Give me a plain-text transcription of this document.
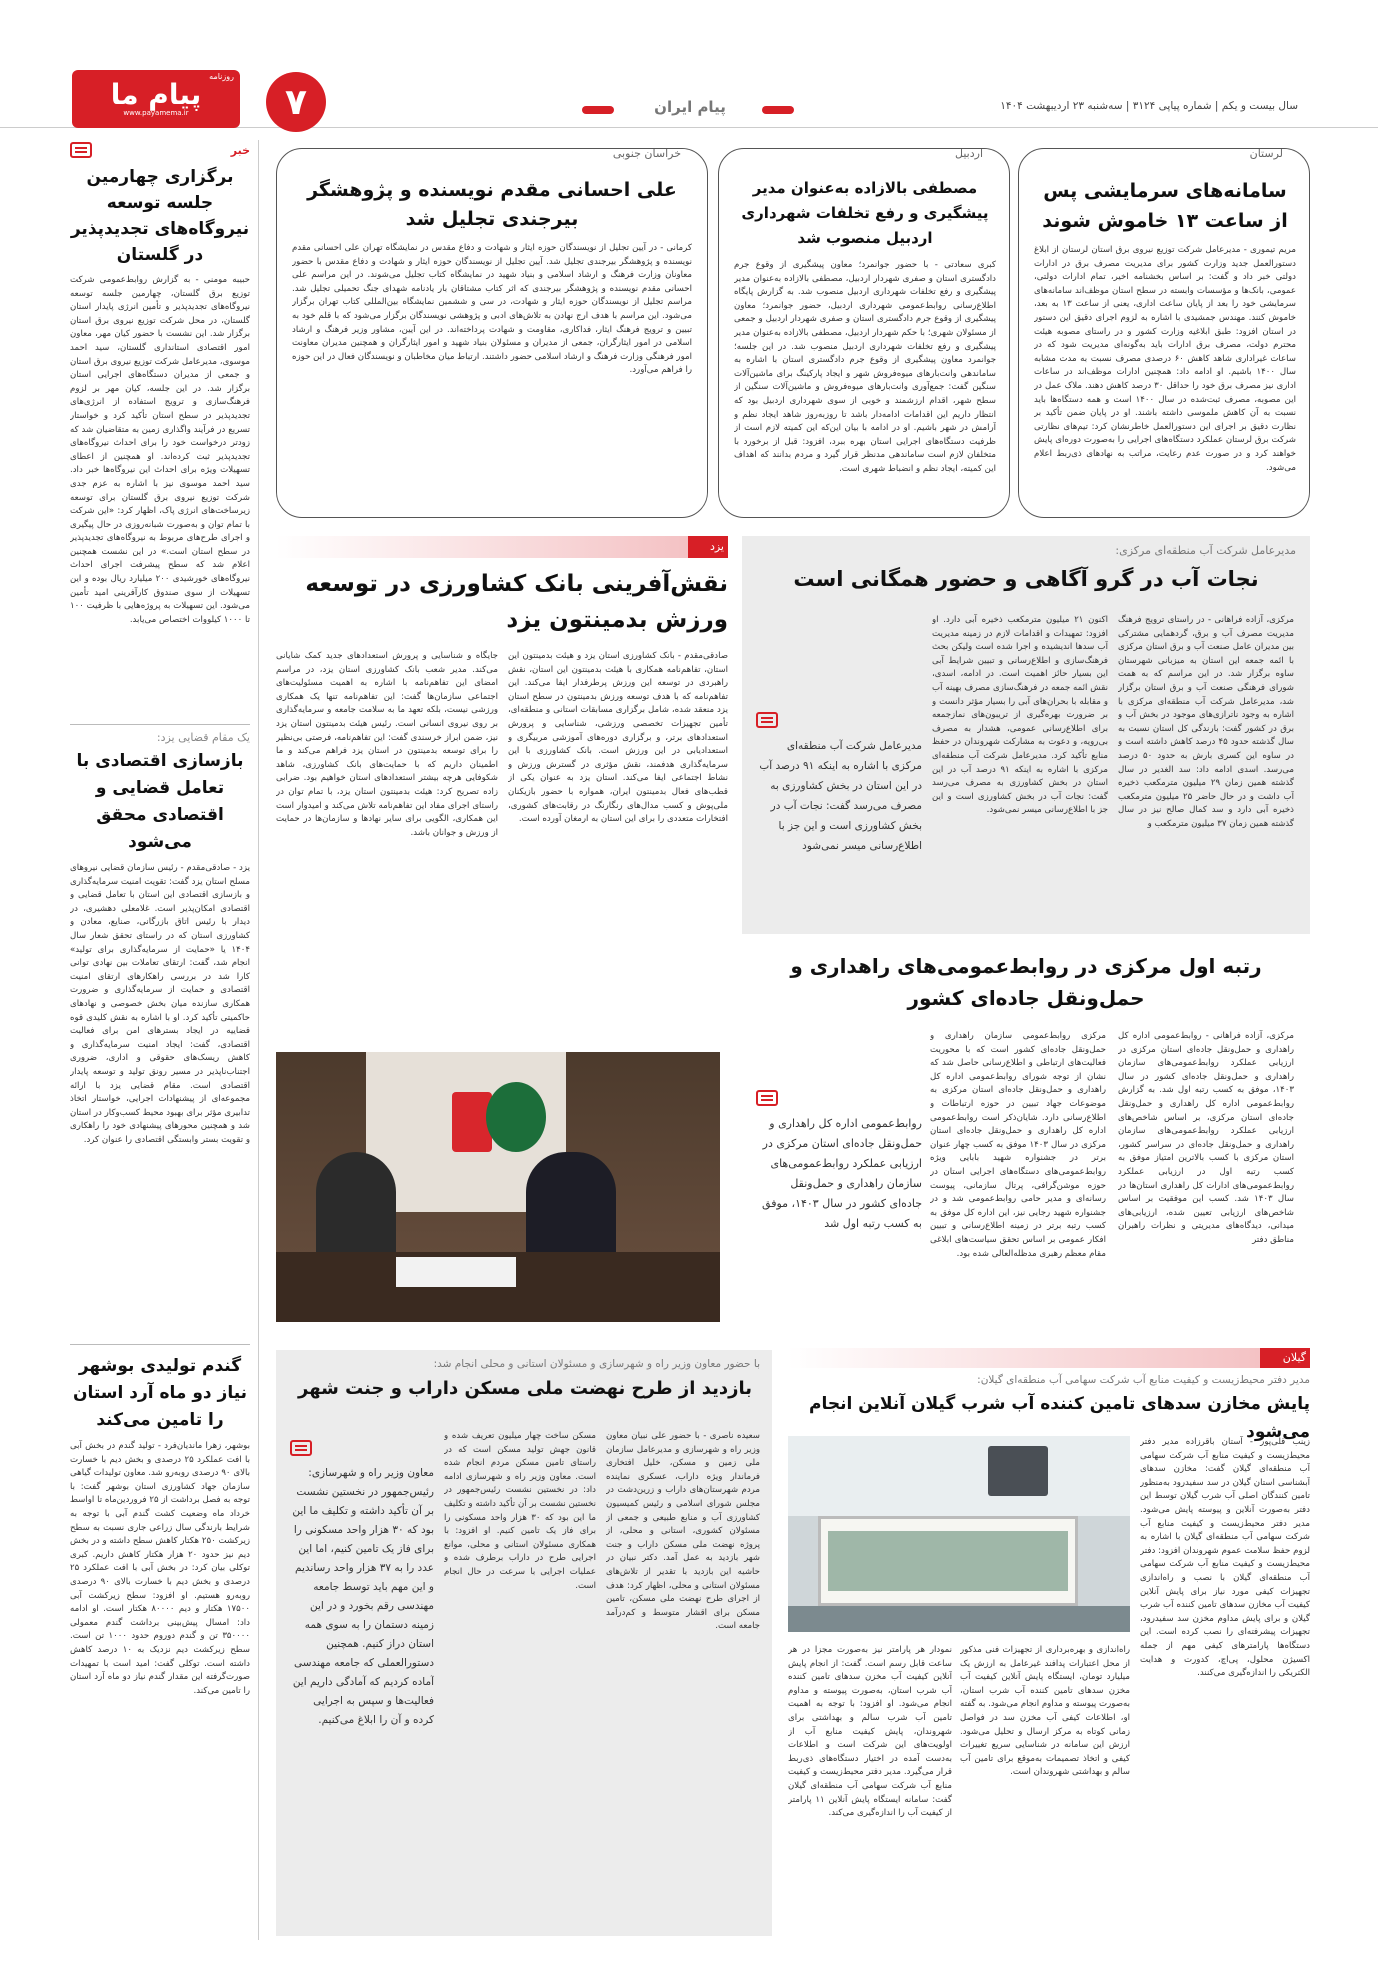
سال بیست و یکم | شماره پیاپی ۳۱۲۴ | سه‌شنبه ۲۳ اردیبهشت ۱۴۰۴
پیام ایران
۷
روزنامه
پیام ما
www.payamema.ir
خبر
برگزاری چهارمین جلسه توسعه نیروگاه‌های تجدیدپذیر در گلستان
حبیبه مومنی - به گزارش روابط‌عمومی شرکت توزیع برق گلستان، چهارمین جلسه توسعه نیروگاه‌های تجدیدپذیر و تأمین انرژی پایدار استان گلستان، در محل شرکت توزیع نیروی برق استان برگزار شد. این نشست با حضور کیان مهر، معاون امور اقتصادی استانداری گلستان، سید احمد موسوی، مدیرعامل شرکت توزیع نیروی برق استان و جمعی از مدیران دستگاه‌های اجرایی استان برگزار شد. در این جلسه، کیان مهر بر لزوم فرهنگ‌سازی و ترویج استفاده از انرژی‌های تجدیدپذیر در سطح استان تأکید کرد و خواستار تسریع در فرآیند واگذاری زمین به متقاضیان شد که زودتر درخواست خود را برای احداث نیروگاه‌های تجدیدپذیر ثبت کرده‌اند. او همچنین از اعطای تسهیلات ویژه برای احداث این نیروگاه‌ها خبر داد. سید احمد موسوی نیز با اشاره به عزم جدی شرکت توزیع نیروی برق گلستان برای توسعه زیرساخت‌های انرژی پاک، اظهار کرد: «این شرکت با تمام توان و به‌صورت شبانه‌روزی در حال پیگیری و اجرای طرح‌های مربوط به نیروگاه‌های تجدیدپذیر در سطح استان است.» در این نشست همچنین اعلام شد که سطح پیشرفت اجرای احداث نیروگاه‌های خورشیدی ۲۰۰ میلیارد ریال بوده و این تسهیلات از سوی صندوق کارآفرینی امید تأمین می‌شود. این تسهیلات به پروژه‌هایی با ظرفیت ۱۰۰ تا ۱۰۰۰ کیلووات اختصاص می‌یابد.
یک مقام قضایی یزد:
بازسازی اقتصادی با تعامل قضایی و اقتصادی محقق می‌شود
یزد - صادقی‌مقدم - رئیس سازمان قضایی نیروهای مسلح استان یزد گفت: تقویت امنیت سرمایه‌گذاری و بازسازی اقتصادی این استان با تعامل قضایی و اقتصادی امکان‌پذیر است. غلامعلی دهشیری، در دیدار با رئیس اتاق بازرگانی، صنایع، معادن و کشاورزی استان که در راستای تحقق شعار سال ۱۴۰۴ یا «حمایت از سرمایه‌گذاری برای تولید» انجام شد، گفت: ارتقای تعاملات بین نهادی توانی کارا شد در بررسی راهکارهای ارتقای امنیت اقتصادی و حمایت از سرمایه‌گذاری و ضرورت همکاری سازنده میان بخش خصوصی و نهادهای حاکمیتی تأکید کرد. او با اشاره به نقش کلیدی قوه قضاییه در ایجاد بسترهای امن برای فعالیت اقتصادی، گفت: ایجاد امنیت سرمایه‌گذاری و کاهش ریسک‌های حقوقی و اداری، ضروری اجتناب‌ناپذیر در مسیر رونق تولید و توسعه پایدار اقتصادی است. مقام قضایی یزد با ارائه مجموعه‌ای از پیشنهادات اجرایی، خواستار اتخاذ تدابیری مؤثر برای بهبود محیط کسب‌وکار در استان شد و همچنین محورهای پیشنهادی خود را راهکاری و تقویت بستر وابستگی اقتصادی را عنوان کرد.
گندم تولیدی بوشهر نیاز دو ماه آرد استان را تامین می‌کند
بوشهر، زهرا ماندیان‌فرد - تولید گندم در بخش آبی با افت عملکرد ۲۵ درصدی و بخش دیم با خسارت بالای ۹۰ درصدی روبه‌رو شد. معاون تولیدات گیاهی سازمان جهاد کشاورزی استان بوشهر گفت: با توجه به فصل برداشت از ۲۵ فروردین‌ماه تا اواسط خرداد ماه وضعیت کشت گندم آبی با توجه به شرایط بارندگی سال زراعی جاری نسبت به سطح زیرکشت ۲۵۰ هکتار کاهش سطح داشته و در بخش دیم نیز حدود ۲۰ هزار هکتار کاهش داریم. کبری توکلی بیان کرد: در بخش آبی با افت عملکرد ۲۵ درصدی و بخش دیم با خسارت بالای ۹۰ درصدی روبه‌رو هستیم. او افزود: سطح زیرکشت آبی ۱۷۵۰۰ هکتار و دیم ۸۰۰۰۰ هکتار است. او ادامه داد: امسال پیش‌بینی برداشت گندم معمولی ۳۵۰۰۰۰ تن و گندم دوروم حدود ۱۰۰۰ تن است. سطح زیرکشت دیم نزدیک به ۱۰ درصد کاهش داشته است. توکلی گفت: امید است با تمهیدات صورت‌گرفته این مقدار گندم نیاز دو ماه آرد استان را تامین می‌کند.
لرستان
سامانه‌های سرمایشی پس از ساعت ۱۳ خاموش شوند
مریم تیموری - مدیرعامل شرکت توزیع نیروی برق استان لرستان از ابلاغ دستورالعمل جدید وزارت کشور برای مدیریت مصرف برق در ادارات دولتی خبر داد و گفت: بر اساس بخشنامه اخیر، تمام ادارات دولتی، عمومی، بانک‌ها و مؤسسات وابسته در سطح استان موظف‌اند سامانه‌های سرمایشی خود را بعد از پایان ساعت اداری، یعنی از ساعت ۱۳ به بعد، خاموش کنند. مهندس جمشیدی با اشاره به لزوم اجرای دقیق این دستور در استان افزود: طبق ابلاغیه وزارت کشور و در راستای مصوبه هیئت محترم دولت، مصرف برق ادارات باید به‌گونه‌ای مدیریت شود که در ساعات غیراداری شاهد کاهش ۶۰ درصدی مصرف نسبت به مدت مشابه سال ۱۴۰۰ باشیم. او ادامه داد: همچنین ادارات موظف‌اند در ساعات اداری نیز مصرف برق خود را حداقل ۳۰ درصد کاهش دهند. ملاک عمل در این مصوبه، مصرف ثبت‌شده در سال ۱۴۰۰ است و همه دستگاه‌ها باید نسبت به آن کاهش ملموسی داشته باشند. او در پایان ضمن تأکید بر نظارت دقیق بر اجرای این دستورالعمل خاطرنشان کرد: تیم‌های نظارتی شرکت برق لرستان عملکرد دستگاه‌های اجرایی را به‌صورت دوره‌ای پایش خواهند کرد و در صورت عدم رعایت، مراتب به نهادهای ذی‌ربط اعلام می‌شود.
اردبیل
مصطفی بالازاده به‌عنوان مدیر پیشگیری و رفع تخلفات شهرداری اردبیل منصوب شد
کبری سعادتی - با حضور جوانمرد؛ معاون پیشگیری از وقوع جرم دادگستری استان و صفری شهردار اردبیل، مصطفی بالازاده به‌عنوان مدیر پیشگیری و رفع تخلفات شهرداری اردبیل منصوب شد. به گزارش پایگاه اطلاع‌رسانی روابط‌عمومی شهرداری اردبیل، حضور جوانمرد؛ معاون پیشگیری از وقوع جرم دادگستری استان و صفری شهردار اردبیل و جمعی از مسئولان شهری؛ با حکم شهردار اردبیل، مصطفی بالازاده به‌عنوان مدیر پیشگیری و رفع تخلفات شهرداری اردبیل منصوب شد. در این جلسه؛ جوانمرد معاون پیشگیری از وقوع جرم دادگستری استان با اشاره به ساماندهی وانت‌بارهای میوه‌فروش شهر و ایجاد پارکینگ برای ماشین‌آلات سنگین گفت: جمع‌آوری وانت‌بارهای میوه‌فروش و ماشین‌آلات سنگین از سطح شهر، اقدام ارزشمند و خوبی از سوی شهرداری اردبیل بود که انتظار داریم این اقدامات ادامه‌دار باشد تا روزبه‌روز شاهد ایجاد نظم و آرامش در شهر باشیم. او در ادامه با بیان این‌که این کمیته لازم است از ظرفیت دستگاه‌های اجرایی استان بهره ببرد، افزود: قبل از برخورد با متخلفان لازم است ساماندهی مدنظر قرار گیرد و مردم بدانند که اهداف این کمیته، ایجاد نظم و انضباط شهری است.
خراسان جنوبی
علی احسانی مقدم نویسنده و پژوهشگر بیرجندی تجلیل شد
کرمانی - در آیین تجلیل از نویسندگان حوزه ایثار و شهادت و دفاع مقدس در نمایشگاه تهران علی احسانی مقدم نویسنده و پژوهشگر بیرجندی تجلیل شد. آیین تجلیل از نویسندگان حوزه ایثار و شهادت و دفاع مقدس با حضور معاونان وزارت فرهنگ و ارشاد اسلامی و بنیاد شهید در نمایشگاه کتاب تجلیل می‌شوند. در این مراسم علی احسانی مقدم نویسنده و پژوهشگر بیرجندی که اثر کتاب مشتاقان بار یادنامه شهدای جنگ تحمیلی تجلیل شد. مراسم تجلیل از نویسندگان حوزه ایثار و شهادت، در سی و ششمین نمایشگاه بین‌المللی کتاب تهران برگزار می‌شود. این مراسم با هدف ارج نهادن به تلاش‌های ادبی و پژوهشی نویسندگان برگزار می‌شود که با قلم خود به تبیین و ترویج فرهنگ ایثار، فداکاری، مقاومت و شهادت پرداخته‌اند. در این آیین، مشاور وزیر فرهنگ و ارشاد اسلامی در امور ایثارگران، جمعی از مدیران و مسئولان بنیاد شهید و امور ایثارگران و همچنین مدیران معاونت امور فرهنگی وزارت فرهنگ و ارشاد اسلامی حضور داشتند. ارتباط میان مخاطبان و نویسندگان فعال در این حوزه را فراهم می‌آورد.
مدیرعامل شرکت آب منطقه‌ای مرکزی:
نجات آب در گرو آگاهی و حضور همگانی است
مرکزی، آزاده فراهانی - در راستای ترویج فرهنگ مدیریت مصرف آب و برق، گردهمایی مشترکی بین مدیران عامل صنعت آب و برق استان مرکزی با ائمه جمعه این استان به میزبانی شهرستان ساوه برگزار شد. در این مراسم که به همت شورای فرهنگی صنعت آب و برق استان برگزار شد، مدیرعامل شرکت آب منطقه‌ای مرکزی با اشاره به وجود ناترازی‌های موجود در بخش آب و برق در کشور گفت: بارندگی کل استان نسبت به سال گذشته حدود ۴۵ درصد کاهش داشته است و در ساوه این کسری بارش به حدود ۵۰ درصد می‌رسد. اسدی ادامه داد: سد الغدیر در سال گذشته همین زمان ۲۹ میلیون مترمکعب ذخیره آب داشت و در حال حاضر ۲۵ میلیون مترمکعب ذخیره آبی دارد و سد کمال صالح نیز در سال گذشته همین زمان ۳۷ میلیون مترمکعب و
اکنون ۲۱ میلیون مترمکعب ذخیره آبی دارد. او افزود: تمهیدات و اقدامات لازم در زمینه مدیریت آب سدها اندیشیده و اجرا شده است ولیکن بحث فرهنگ‌سازی و اطلاع‌رسانی و تبیین شرایط آبی این بسیار حائز اهمیت است. در ادامه، اسدی، نقش ائمه جمعه در فرهنگ‌سازی مصرف بهینه آب و مقابله با بحران‌های آبی را بسیار مؤثر دانست و بر ضرورت بهره‌گیری از تریبون‌های نمازجمعه برای اطلاع‌رسانی عمومی، هشدار به مصرف بی‌رویه، و دعوت به مشارکت شهروندان در حفظ منابع تأکید کرد. مدیرعامل شرکت آب منطقه‌ای مرکزی با اشاره به اینکه ۹۱ درصد آب در این استان در بخش کشاورزی به مصرف می‌رسد گفت: نجات آب در بخش کشاورزی است و این جز با اطلاع‌رسانی میسر نمی‌شود.
مدیرعامل شرکت آب منطقه‌ای مرکزی با اشاره به اینکه ۹۱ درصد آب در این استان در بخش کشاورزی به مصرف می‌رسد گفت: نجات آب در بخش کشاورزی است و این جز با اطلاع‌رسانی میسر نمی‌شود
رتبه اول مرکزی در روابط‌عمومی‌های راهداری و حمل‌ونقل جاده‌ای کشور
مرکزی، آزاده فراهانی - روابط‌عمومی اداره کل راهداری و حمل‌ونقل جاده‌ای استان مرکزی در ارزیابی عملکرد روابط‌عمومی‌های سازمان راهداری و حمل‌ونقل جاده‌ای کشور در سال ۱۴۰۳، موفق به کسب رتبه اول شد. به گزارش روابط‌عمومی اداره کل راهداری و حمل‌ونقل جاده‌ای استان مرکزی، بر اساس شاخص‌های ارزیابی عملکرد روابط‌عمومی‌های سازمان راهداری و حمل‌ونقل جاده‌ای در سراسر کشور، استان مرکزی با کسب بالاترین امتیاز موفق به کسب رتبه اول در ارزیابی عملکرد روابط‌عمومی‌های ادارات کل راهداری استان‌ها در سال ۱۴۰۳ شد. کسب این موفقیت بر اساس شاخص‌های ارزیابی تعیین شده، ارزیابی‌های میدانی، دیدگاه‌های مدیریتی و نظرات راهبران مناطق دفتر
مرکزی روابط‌عمومی سازمان راهداری و حمل‌ونقل جاده‌ای کشور است که با محوریت فعالیت‌های ارتباطی و اطلاع‌رسانی حاصل شد که نشان از توجه شورای روابط‌عمومی اداره کل راهداری و حمل‌ونقل جاده‌ای استان مرکزی به موضوعات جهاد تبیین در حوزه ارتباطات و اطلاع‌رسانی دارد. شایان‌ذکر است روابط‌عمومی اداره کل راهداری و حمل‌ونقل جاده‌ای استان مرکزی در سال ۱۴۰۳ موفق به کسب چهار عنوان برتر در جشنواره شهید بابایی ویژه روابط‌عمومی‌های دستگاه‌های اجرایی استان در حوزه موشن‌گرافی، پرتال سازمانی، پیوست رسانه‌ای و مدیر حامی روابط‌عمومی شد و در جشنواره شهید رجایی نیز، این اداره کل موفق به کسب رتبه برتر در زمینه اطلاع‌رسانی و تبیین افکار عمومی بر اساس تحقق سیاست‌های ابلاغی مقام معظم رهبری مدظله‌العالی شده بود.
روابط‌عمومی اداره کل راهداری و حمل‌ونقل جاده‌ای استان مرکزی در ارزیابی عملکرد روابط‌عمومی‌های سازمان راهداری و حمل‌ونقل جاده‌ای کشور در سال ۱۴۰۳، موفق به کسب رتبه اول شد
یزد
نقش‌آفرینی بانک کشاورزی در توسعه ورزش بدمینتون یزد
صادقی‌مقدم - بانک کشاورزی استان یزد و هیئت بدمینتون این استان، تفاهم‌نامه همکاری با هیئت بدمینتون این استان، نقش راهبردی در توسعه این ورزش پرطرفدار ایفا می‌کند. این تفاهم‌نامه که با هدف توسعه ورزش بدمینتون در سطح استان یزد منعقد شده، شامل برگزاری مسابقات استانی و منطقه‌ای، تأمین تجهیزات تخصصی ورزشی، شناسایی و پرورش استعدادهای برتر، و برگزاری دوره‌های آموزشی مربیگری و استعدادیابی در این ورزش است. بانک کشاورزی با این سرمایه‌گذاری هدفمند، نقش مؤثری در گسترش ورزش و نشاط اجتماعی ایفا می‌کند. استان یزد به عنوان یکی از قطب‌های فعال بدمینتون ایران، همواره با حضور بازیکنان ملی‌پوش و کسب مدال‌های رنگارنگ در رقابت‌های کشوری، افتخارات متعددی را برای این استان به ارمغان آورده است.
جایگاه و شناسایی و پرورش استعدادهای جدید کمک شایانی می‌کند. مدیر شعب بانک کشاورزی استان یزد، در مراسم امضای این تفاهم‌نامه با اشاره به اهمیت مسئولیت‌های اجتماعی سازمان‌ها گفت: این تفاهم‌نامه تنها یک همکاری ورزشی نیست، بلکه تعهد ما به سلامت جامعه و سرمایه‌گذاری بر روی نیروی انسانی است. رئیس هیئت بدمینتون استان یزد نیز، ضمن ابراز خرسندی گفت: این تفاهم‌نامه، فرصتی بی‌نظیر را برای توسعه بدمینتون در استان یزد فراهم می‌کند و ما اطمینان داریم که با حمایت‌های بانک کشاورزی، شاهد شکوفایی هرچه بیشتر استعدادهای استان خواهیم بود. ضرابی زاده تصریح کرد: هیئت بدمینتون استان یزد، با تمام توان در راستای اجرای مفاد این تفاهم‌نامه تلاش می‌کند و امیدوار است این همکاری، الگویی برای سایر نهادها و سازمان‌ها در حمایت از ورزش و جوانان باشد.
گیلان
مدیر دفتر محیط‌زیست و کیفیت منابع آب شرکت سهامی آب منطقه‌ای گیلان:
پایش مخازن سدهای تامین کننده آب شرب گیلان آنلاین انجام می‌شود
زینب قلی‌پور - آستان باقرزاده مدیر دفتر محیط‌زیست و کیفیت منابع آب شرکت سهامی آب منطقه‌ای گیلان گفت: مخازن سدهای آبشناسی استان گیلان در سد سفیدرود به‌منظور تامین کنندگان اصلی آب شرب گیلان توسط این دفتر به‌صورت آنلاین و پیوسته پایش می‌شود. مدیر دفتر محیط‌زیست و کیفیت منابع آب شرکت سهامی آب منطقه‌ای گیلان با اشاره به لزوم حفظ سلامت عموم شهروندان افزود: دفتر محیط‌زیست و کیفیت منابع آب شرکت سهامی آب منطقه‌ای گیلان با نصب و راه‌اندازی تجهیزات کیفی مورد نیاز برای پایش آنلاین کیفیت آب مخازن سدهای تامین کننده آب شرب گیلان و برای پایش مداوم مخزن سد سفیدرود، تجهیزات پیشرفته‌ای را نصب کرده است. این دستگاه‌ها پارامترهای کیفی مهم از جمله اکسیژن محلول، پی‌اچ، کدورت و هدایت الکتریکی را اندازه‌گیری می‌کنند.
راه‌اندازی و بهره‌برداری از تجهیزات فنی مذکور از محل اعتبارات پدافند غیرعامل به ارزش یک میلیارد تومان، ایستگاه پایش آنلاین کیفیت آب مخزن سدهای تامین کننده آب شرب استان، به‌صورت پیوسته و مداوم انجام می‌شود. به گفته او، اطلاعات کیفی آب مخزن سد در فواصل زمانی کوتاه به مرکز ارسال و تحلیل می‌شود. ارزش این سامانه در شناسایی سریع تغییرات کیفی و اتخاذ تصمیمات به‌موقع برای تامین آب سالم و بهداشتی شهروندان است.
نمودار هر پارامتر نیز به‌صورت مجزا در هر ساعت قابل رسم است. گفت: از انجام پایش آنلاین کیفیت آب مخزن سدهای تامین کننده آب شرب استان، به‌صورت پیوسته و مداوم انجام می‌شود. او افزود: با توجه به اهمیت تامین آب شرب سالم و بهداشتی برای شهروندان، پایش کیفیت منابع آب از اولویت‌های این شرکت است و اطلاعات به‌دست آمده در اختیار دستگاه‌های ذی‌ربط قرار می‌گیرد. مدیر دفتر محیط‌زیست و کیفیت منابع آب شرکت سهامی آب منطقه‌ای گیلان گفت: سامانه ایستگاه پایش آنلاین ۱۱ پارامتر از کیفیت آب را اندازه‌گیری می‌کند.
با حضور معاون وزیر راه و شهرسازی و مسئولان استانی و محلی انجام شد:
بازدید از طرح نهضت ملی مسکن داراب و جنت شهر
سعیده ناصری - با حضور علی نبیان معاون وزیر راه و شهرسازی و مدیرعامل سازمان ملی زمین و مسکن، خلیل افتخاری فرماندار ویژه داراب، عسکری نماینده مردم شهرستان‌های داراب و زرین‌دشت در مجلس شورای اسلامی و رئیس کمیسیون کشاورزی آب و منابع طبیعی و جمعی از مسئولان کشوری، استانی و محلی، از پروژه نهضت ملی مسکن داراب و جنت شهر بازدید به عمل آمد. دکتر نبیان در حاشیه این بازدید با تقدیر از تلاش‌های مسئولان استانی و محلی، اظهار کرد: هدف از اجرای طرح نهضت ملی مسکن، تامین مسکن برای اقشار متوسط و کم‌درآمد جامعه است.
مسکن ساخت چهار میلیون تعریف شده و قانون جهش تولید مسکن است که در راستای تامین مسکن مردم انجام شده است. معاون وزیر راه و شهرسازی ادامه داد: در نخستین نشست رئیس‌جمهور در نخستین نشست بر آن تأکید داشته و تکلیف ما این بود که ۳۰ هزار واحد مسکونی را برای فاز یک تامین کنیم. او افزود: با همکاری مسئولان استانی و محلی، موانع اجرایی طرح در داراب برطرف شده و عملیات اجرایی با سرعت در حال انجام است.
معاون وزیر راه و شهرسازی: رئیس‌جمهور در نخستین نشست بر آن تأکید داشته و تکلیف ما این بود که ۳۰ هزار واحد مسکونی را برای فاز یک تامین کنیم، اما این عدد را به ۳۷ هزار واحد رساندیم و این مهم باید توسط جامعه مهندسی رقم بخورد و در این زمینه دستمان را به سوی همه استان دراز کنیم. همچنین دستورالعملی که جامعه مهندسی آماده کردیم که آمادگی داریم این فعالیت‌ها و سپس به اجرایی کرده و آن را ابلاغ می‌کنیم.
